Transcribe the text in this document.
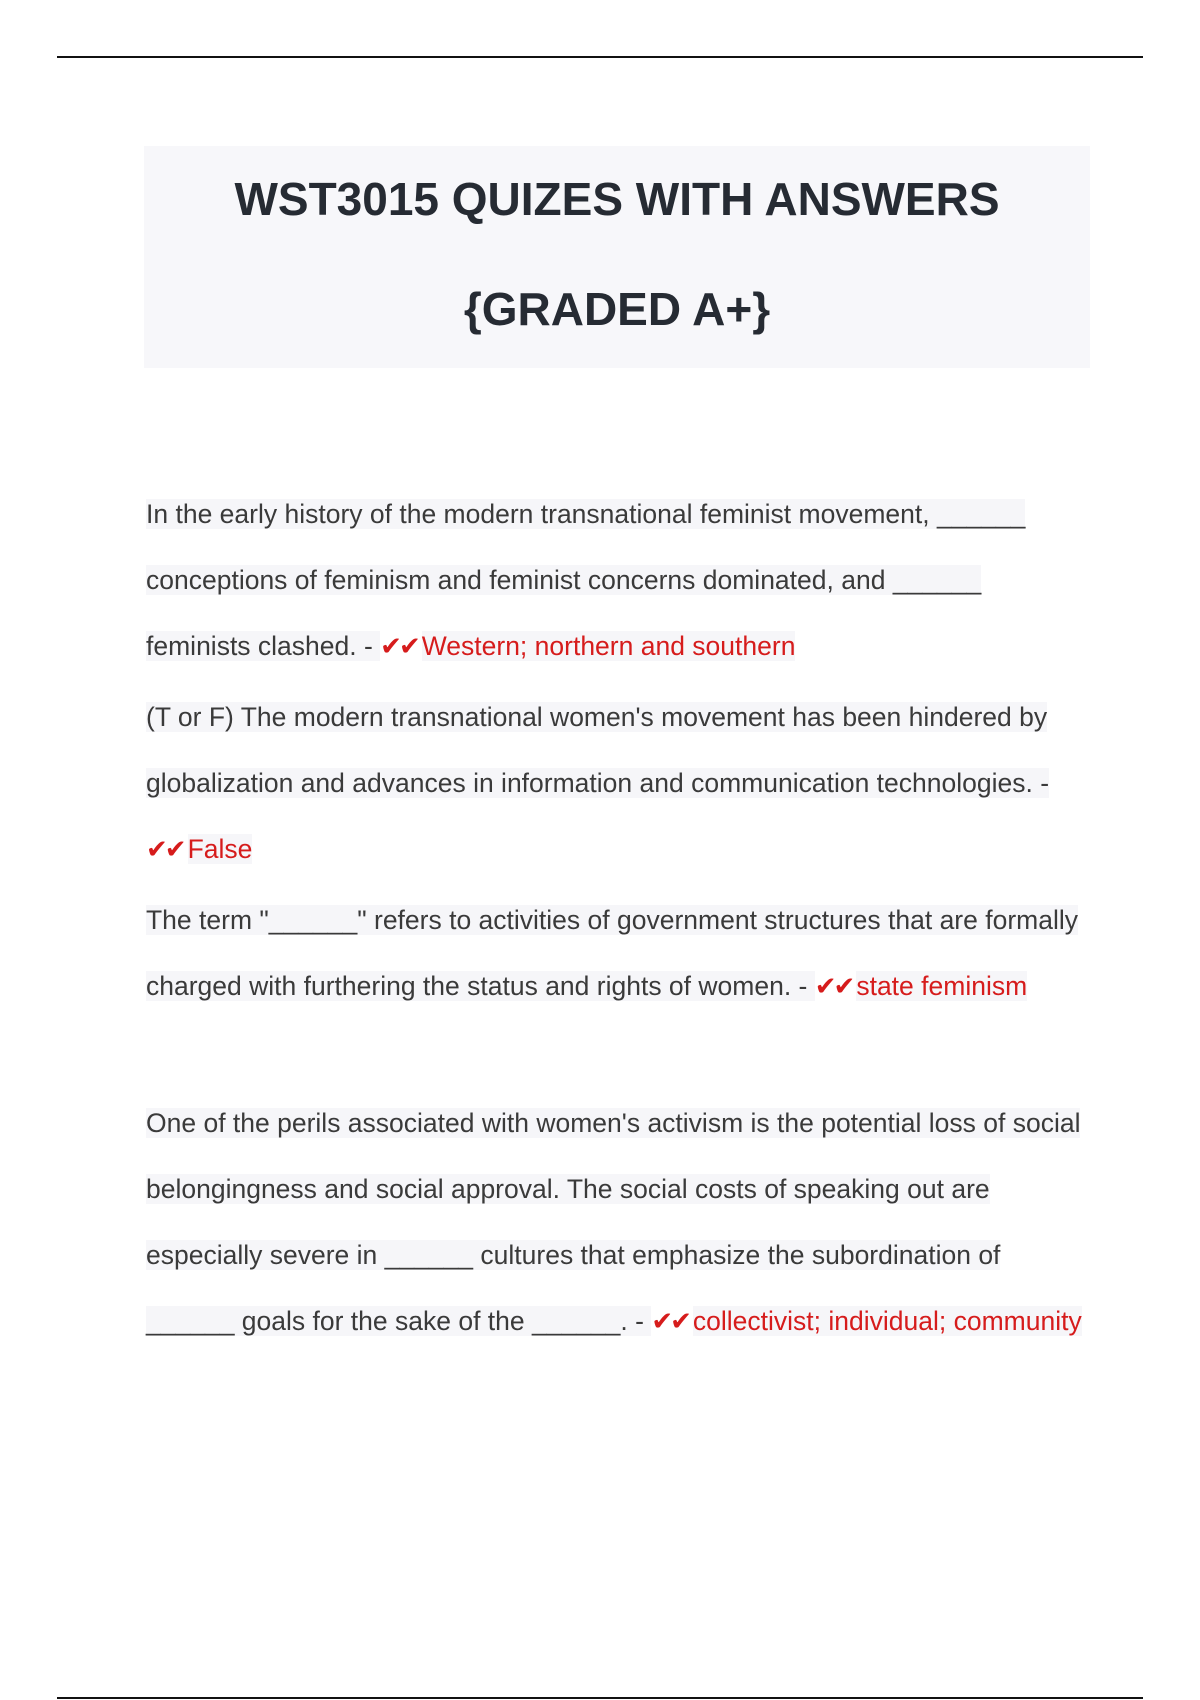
WST3015 QUIZES WITH ANSWERS
{GRADED A+}
In the early history of the modern transnational feminist movement, ______ conceptions of feminism and feminist concerns dominated, and ______ feminists clashed. - ✔✔ Western; northern and southern
(T or F) The modern transnational women's movement has been hindered by globalization and advances in information and communication technologies. - ✔✔ False
The term "______" refers to activities of government structures that are formally charged with furthering the status and rights of women. - ✔✔ state feminism
One of the perils associated with women's activism is the potential loss of social belongingness and social approval. The social costs of speaking out are especially severe in ______ cultures that emphasize the subordination of ______ goals for the sake of the ______. - ✔✔ collectivist; individual; community
